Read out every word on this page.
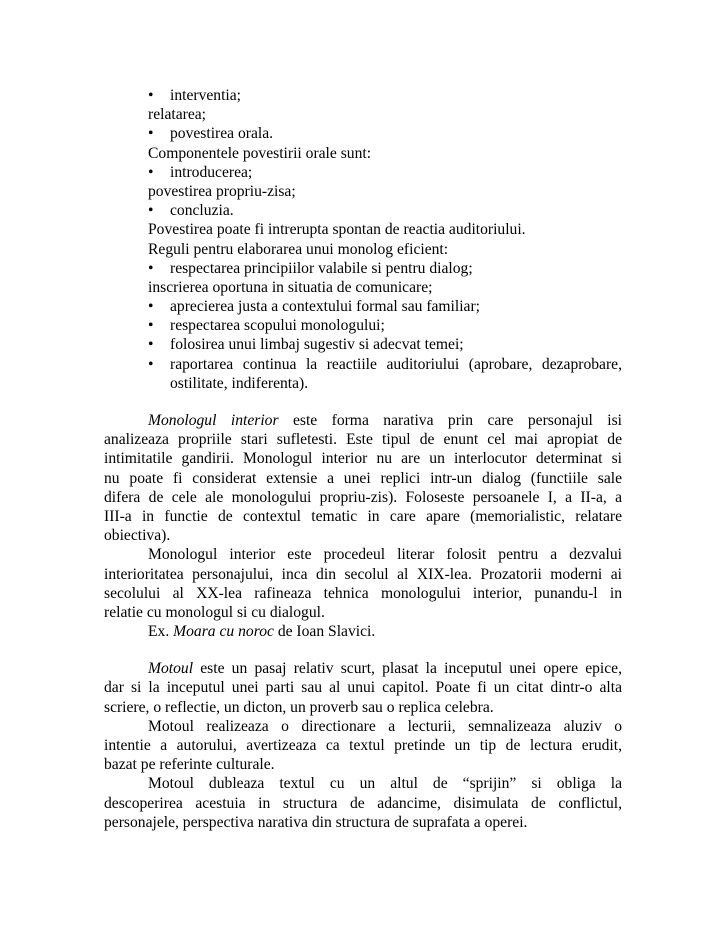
•	interventia;
relatarea;
•	povestirea orala.
Componentele povestirii orale sunt:
•	introducerea;
povestirea propriu-zisa;
•	concluzia.
Povestirea poate fi intrerupta spontan de reactia auditoriului.
Reguli pentru elaborarea unui monolog eficient:
•	respectarea principiilor valabile si pentru dialog;
inscrierea oportuna in situatia de comunicare;
•	aprecierea justa a contextului formal sau familiar;
•	respectarea scopului monologului;
•	folosirea unui limbaj sugestiv si adecvat temei;
•	raportarea continua la reactiile auditoriului (aprobare, dezaprobare,
ostilitate, indiferenta).
Monologul interior este forma narativa prin care personajul isi
analizeaza propriile stari sufletesti. Este tipul de enunt cel mai apropiat de
intimitatile gandirii. Monologul interior nu are un interlocutor determinat si
nu poate fi considerat extensie a unei replici intr-un dialog (functiile sale
difera de cele ale monologului propriu-zis). Foloseste persoanele I, a II-a, a
III-a in functie de contextul tematic in care apare (memorialistic, relatare
obiectiva).
Monologul interior este procedeul literar folosit pentru a dezvalui
interioritatea personajului, inca din secolul al XIX-lea. Prozatorii moderni ai
secolului al XX-lea rafineaza tehnica monologului interior, punandu-l in
relatie cu monologul si cu dialogul.
Ex. Moara cu noroc de Ioan Slavici.
Motoul este un pasaj relativ scurt, plasat la inceputul unei opere epice,
dar si la inceputul unei parti sau al unui capitol. Poate fi un citat dintr-o alta
scriere, o reflectie, un dicton, un proverb sau o replica celebra.
Motoul realizeaza o directionare a lecturii, semnalizeaza aluziv o
intentie a autorului, avertizeaza ca textul pretinde un tip de lectura erudit,
bazat pe referinte culturale.
Motoul dubleaza textul cu un altul de “sprijin” si obliga la
descoperirea acestuia in structura de adancime, disimulata de conflictul,
personajele, perspectiva narativa din structura de suprafata a operei.
